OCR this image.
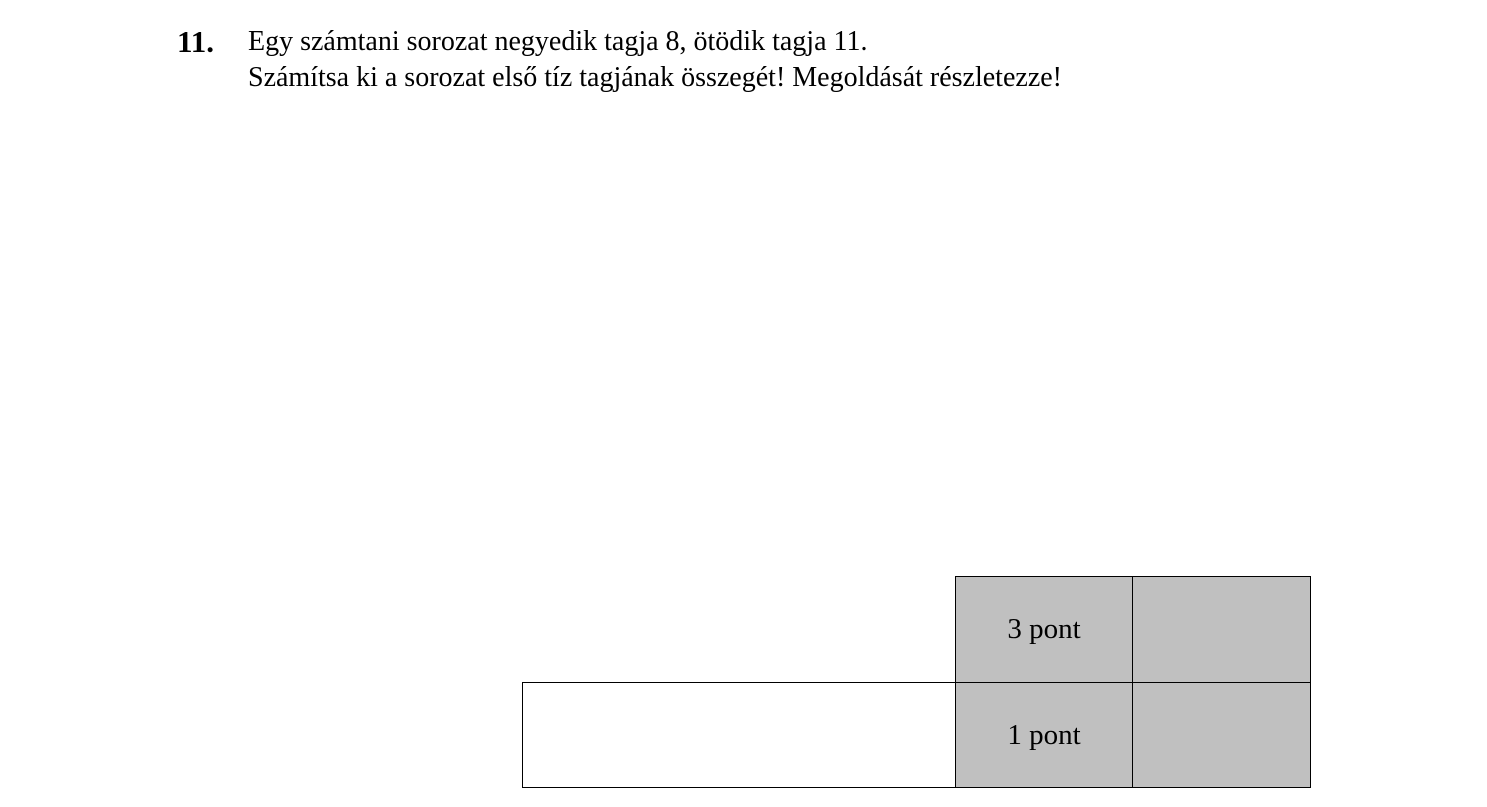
11. Egy számtani sorozat negyedik tagja 8, ötödik tagja 11.
Számítsa ki a sorozat első tíz tagjának összegét! Megoldását részletezze!
3 pont
1 pont
